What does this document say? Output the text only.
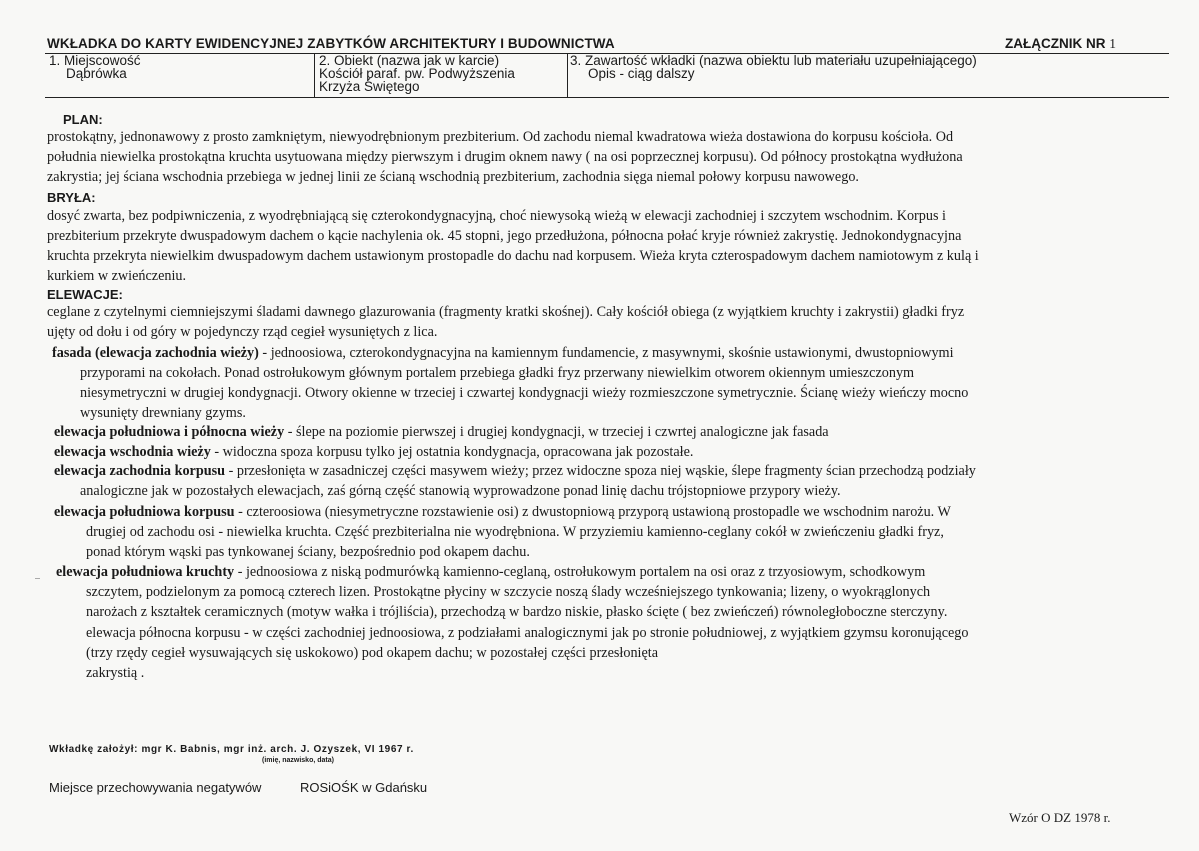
WKŁADKA DO KARTY EWIDENCYJNEJ ZABYTKÓW ARCHITEKTURY I BUDOWNICTWA	ZAŁĄCZNIK NR 1
1. Miejscowość
Dąbrówka
2. Obiekt (nazwa jak w karcie)
Kościół paraf. pw. Podwyższenia
Krzyża Świętego
3. Zawartość wkładki (nazwa obiektu lub materiału uzupełniającego)
Opis - ciąg dalszy
PLAN:
prostokątny, jednonawowy z prosto zamkniętym, niewyodrębnionym prezbiterium. Od zachodu niemal kwadratowa wieża dostawiona do korpusu kościoła. Od
południa niewielka prostokątna kruchta usytuowana między pierwszym i drugim oknem nawy ( na osi poprzecznej korpusu). Od północy prostokątna wydłużona
zakrystia; jej ściana wschodnia przebiega w jednej linii ze ścianą wschodnią prezbiterium, zachodnia sięga niemal połowy korpusu nawowego.
BRYŁA:
dosyć zwarta, bez podpiwniczenia, z wyodrębniającą się czterokondygnacyjną, choć niewysoką wieżą w elewacji zachodniej i szczytem wschodnim. Korpus i
prezbiterium przekryte dwuspadowym dachem o kącie nachylenia ok. 45 stopni, jego przedłużona, północna połać kryje również zakrystię. Jednokondygnacyjna
kruchta przekryta niewielkim dwuspadowym dachem ustawionym prostopadle do dachu nad korpusem. Wieża kryta czterospadowym dachem namiotowym z kulą i
kurkiem w zwieńczeniu.
ELEWACJE:
ceglane z czytelnymi ciemniejszymi śladami dawnego glazurowania (fragmenty kratki skośnej). Cały kościół obiega (z wyjątkiem kruchty i zakrystii) gładki fryz
ujęty od dołu i od góry w pojedynczy rząd cegieł wysuniętych z lica.
fasada (elewacja zachodnia wieży) - jednoosiowa, czterokondygnacyjna na kamiennym fundamencie, z masywnymi, skośnie ustawionymi, dwustopniowymi
przyporami na cokołach. Ponad ostrołukowym głównym portalem przebiega gładki fryz przerwany niewielkim otworem okiennym umieszczonym
niesymetryczni w drugiej kondygnacji. Otwory okienne w trzeciej i czwartej kondygnacji wieży rozmieszczone symetrycznie. Ścianę wieży wieńczy mocno
wysunięty drewniany gzyms.
elewacja południowa i północna wieży - ślepe na poziomie pierwszej i drugiej kondygnacji, w trzeciej i czwrtej analogiczne jak fasada
elewacja wschodnia wieży - widoczna spoza korpusu tylko jej ostatnia kondygnacja, opracowana jak pozostałe.
elewacja zachodnia korpusu - przesłonięta w zasadniczej części masywem wieży; przez widoczne spoza niej wąskie, ślepe fragmenty ścian przechodzą podziały
analogiczne jak w pozostałych elewacjach, zaś górną część stanowią wyprowadzone ponad linię dachu trójstopniowe przypory wieży.
elewacja południowa korpusu - czteroosiowa (niesymetryczne rozstawienie osi) z dwustopniową przyporą ustawioną prostopadle we wschodnim narożu. W
drugiej od zachodu osi - niewielka kruchta. Część prezbiterialna nie wyodrębniona. W przyziemiu kamienno-ceglany cokół w zwieńczeniu gładki fryz,
ponad którym wąski pas tynkowanej ściany, bezpośrednio pod okapem dachu.
elewacja południowa kruchty - jednoosiowa z niską podmurówką kamienno-ceglaną, ostrołukowym portalem na osi oraz z trzyosiowym, schodkowym
szczytem, podzielonym za pomocą czterech lizen. Prostokątne płyciny w szczycie noszą ślady wcześniejszego tynkowania; lizeny, o wyokrąglonych
narożach z kształtek ceramicznych (motyw wałka i trójliścia), przechodzą w bardzo niskie, płasko ścięte ( bez zwieńczeń) równoległoboczne sterczyny.
elewacja północna korpusu - w części zachodniej jednoosiowa, z podziałami analogicznymi jak po stronie południowej, z wyjątkiem gzymsu koronującego
(trzy rzędy cegieł wysuwających się uskokowo) pod okapem dachu; w pozostałej części przesłonięta
zakrystią .
Wkładkę założył: mgr K. Babnis, mgr inż. arch. J. Ozyszek, VI 1967 r.
(imię, nazwisko, data)
Miejsce przechowywania negatywów	ROSiOŚK w Gdańsku
Wzór O DZ 1978 r.
